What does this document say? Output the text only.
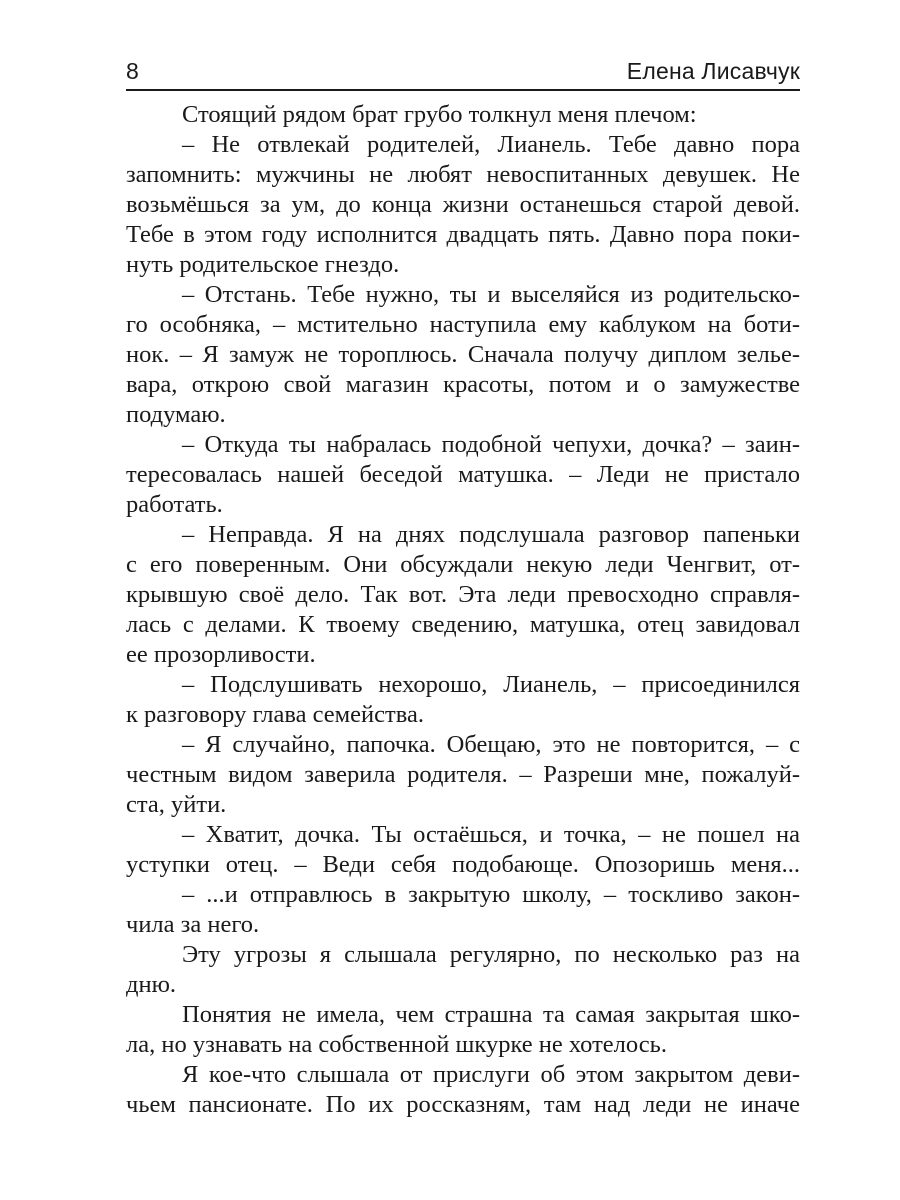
8	Елена Лисавчук
Стоящий рядом брат грубо толкнул меня плечом:
– Не отвлекай родителей, Лианель. Тебе давно пора
запомнить: мужчины не любят невоспитанных девушек. Не
возьмёшься за ум, до конца жизни останешься старой девой.
Тебе в этом году исполнится двадцать пять. Давно пора поки-
нуть родительское гнездо.
– Отстань. Тебе нужно, ты и выселяйся из родительско-
го особняка, – мстительно наступила ему каблуком на боти-
нок. – Я замуж не тороплюсь. Сначала получу диплом зелье-
вара, открою свой магазин красоты, потом и о замужестве
подумаю.
– Откуда ты набралась подобной чепухи, дочка? – заин-
тересовалась нашей беседой матушка. – Леди не пристало
работать.
– Неправда. Я на днях подслушала разговор папеньки
с его поверенным. Они обсуждали некую леди Ченгвит, от-
крывшую своё дело. Так вот. Эта леди превосходно справля-
лась с делами. К твоему сведению, матушка, отец завидовал
ее прозорливости.
– Подслушивать нехорошо, Лианель, – присоединился
к разговору глава семейства.
– Я случайно, папочка. Обещаю, это не повторится, – с
честным видом заверила родителя. – Разреши мне, пожалуй-
ста, уйти.
– Хватит, дочка. Ты остаёшься, и точка, – не пошел на
уступки отец. – Веди себя подобающе. Опозоришь меня...
– ...и отправлюсь в закрытую школу, – тоскливо закон-
чила за него.
Эту угрозы я слышала регулярно, по несколько раз на
дню.
Понятия не имела, чем страшна та самая закрытая шко-
ла, но узнавать на собственной шкурке не хотелось.
Я кое-что слышала от прислуги об этом закрытом деви-
чьем пансионате. По их россказням, там над леди не иначе
